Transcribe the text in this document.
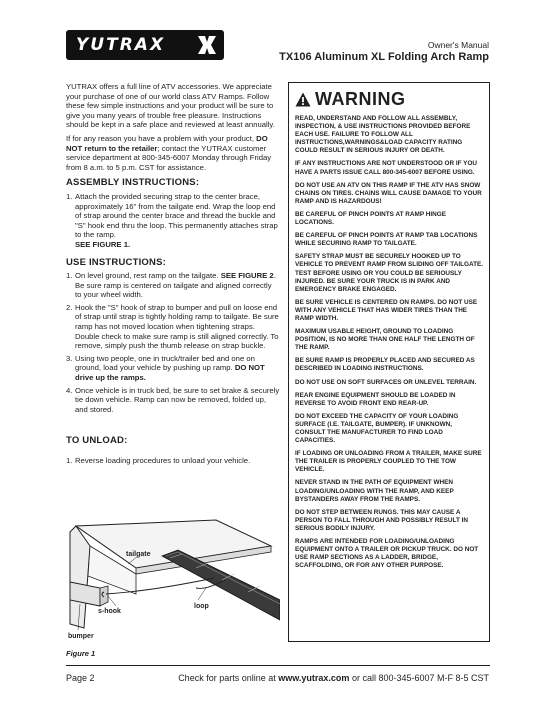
YUTRAX	Owner's Manual
TX106 Aluminum XL Folding Arch Ramp

YUTRAX offers a full line of ATV accessories. We appreciate your purchase of one of our world class ATV Ramps. Follow these few simple instructions and your product will be sure to give you many years of trouble free pleasure. Instructions should be kept in a safe place and reviewed at least annually.

If for any reason you have a problem with your product, DO NOT return to the retailer; contact the YUTRAX customer service department at 800-345-6007 Monday through Friday from 8 a.m. to 5 p.m. CST for assistance.

ASSEMBLY INSTRUCTIONS:
1. Attach the provided securing strap to the center brace, approximately 16" from the tailgate end. Wrap the loop end of strap around the center brace and thread the buckle and "S" hook end thru the loop. This permanently attaches strap to the ramp.
SEE FIGURE 1.
USE INSTRUCTIONS:
1. On level ground, rest ramp on the tailgate. SEE FIGURE 2. Be sure ramp is centered on tailgate and aligned correctly to your wheel width.
2. Hook the "S" hook of strap to bumper and pull on loose end of strap until strap is tightly holding ramp to tailgate. Be sure ramp has not moved location when tightening straps. Double check to make sure ramp is still aligned correctly. To remove, simply push the thumb release on strap buckle.
3. Using two people, one in truck/trailer bed and one on ground, load your vehicle by pushing up ramp. DO NOT drive up the ramps.
4. Once vehicle is in truck bed, be sure to set brake & securely tie down vehicle. Ramp can now be removed, folded up, and stored.
TO UNLOAD:
1. Reverse loading procedures to unload your vehicle.
tailgate
s-hook
loop
bumper
Figure 1
WARNING
READ, UNDERSTAND AND FOLLOW ALL ASSEMBLY, INSPECTION, & USE INSTRUCTIONS PROVIDED BEFORE EACH USE. FAILURE TO FOLLOW ALL INSTRUCTIONS,WARNINGS&LOAD CAPACITY RATING COULD RESULT IN SERIOUS INJURY OR DEATH.
IF ANY INSTRUCTIONS ARE NOT UNDERSTOOD OR IF YOU HAVE A PARTS ISSUE CALL 800-345-6007 BEFORE USING.
DO NOT USE AN ATV ON THIS RAMP IF THE ATV HAS SNOW CHAINS ON TIRES. CHAINS WILL CAUSE DAMAGE TO YOUR RAMP AND IS HAZARDOUS!
BE CAREFUL OF PINCH POINTS AT RAMP HINGE LOCATIONS.
BE CAREFUL OF PINCH POINTS AT RAMP TAB LOCATIONS WHILE SECURING RAMP TO TAILGATE.
SAFETY STRAP MUST BE SECURELY HOOKED UP TO VEHICLE TO PREVENT RAMP FROM SLIDING OFF TAILGATE. TEST BEFORE USING OR YOU COULD BE SERIOUSLY INJURED. BE SURE YOUR TRUCK IS IN PARK AND EMERGENCY BRAKE ENGAGED.
BE SURE VEHICLE IS CENTERED ON RAMPS. DO NOT USE WITH ANY VEHICLE THAT HAS WIDER TIRES THAN THE RAMP WIDTH.
MAXIMUM USABLE HEIGHT, GROUND TO LOADING POSITION, IS NO MORE THAN ONE HALF THE LENGTH OF THE RAMP.
BE SURE RAMP IS PROPERLY PLACED AND SECURED AS DESCRIBED IN LOADING INSTRUCTIONS.
DO NOT USE ON SOFT SURFACES OR UNLEVEL TERRAIN.
REAR ENGINE EQUIPMENT SHOULD BE LOADED IN REVERSE TO AVOID FRONT END REAR-UP.
DO NOT EXCEED THE CAPACITY OF YOUR LOADING SURFACE (I.E. TAILGATE, BUMPER). IF UNKNOWN, CONSULT THE MANUFACTURER TO FIND LOAD CAPACITIES.
IF LOADING OR UNLOADING FROM A TRAILER, MAKE SURE THE TRAILER IS PROPERLY COUPLED TO THE TOW VEHICLE.
NEVER STAND IN THE PATH OF EQUIPMENT WHEN LOADING/UNLOADING WITH THE RAMP, AND KEEP BYSTANDERS AWAY FROM THE RAMPS.
DO NOT STEP BETWEEN RUNGS. THIS MAY CAUSE A PERSON TO FALL THROUGH AND POSSIBLY RESULT IN SERIOUS BODILY INJURY.
RAMPS ARE INTENDED FOR LOADING/UNLOADING EQUIPMENT ONTO A TRAILER OR PICKUP TRUCK. DO NOT USE RAMP SECTIONS AS A LADDER, BRIDGE, SCAFFOLDING, OR FOR ANY OTHER PURPOSE.
Page 2	Check for parts online at www.yutrax.com or call 800-345-6007 M-F 8-5 CST
